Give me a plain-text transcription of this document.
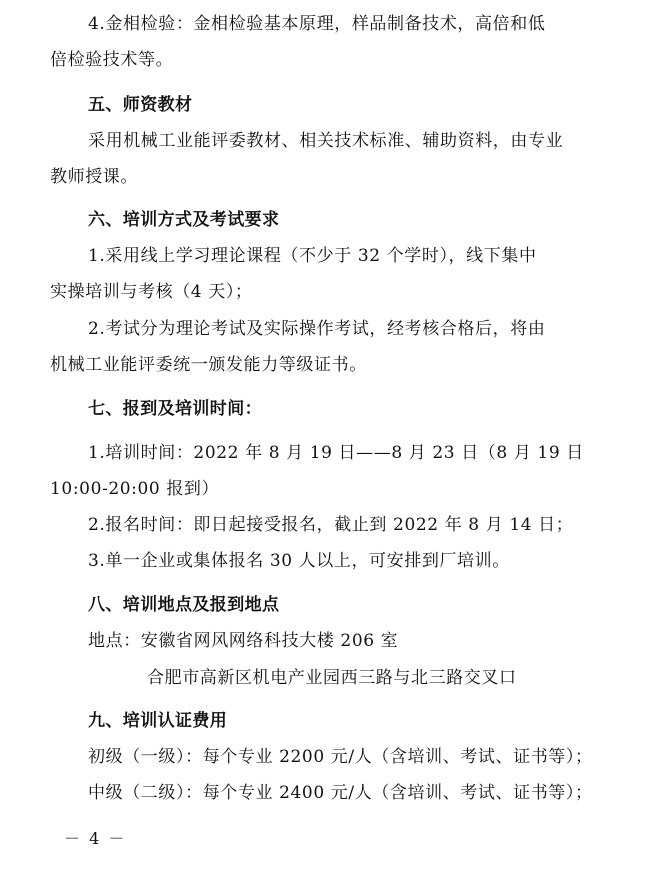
4.金相检验：金相检验基本原理，样品制备技术，高倍和低
倍检验技术等。
五、师资教材
采用机械工业能评委教材、相关技术标准、辅助资料，由专业
教师授课。
六、培训方式及考试要求
1.采用线上学习理论课程（不少于 32 个学时），线下集中
实操培训与考核（4 天）；
2.考试分为理论考试及实际操作考试，经考核合格后，将由
机械工业能评委统一颁发能力等级证书。
七、报到及培训时间：
1.培训时间：2022 年 8 月 19 日——8 月 23 日（8 月 19 日
10:00-20:00 报到）
2.报名时间：即日起接受报名，截止到 2022 年 8 月 14 日；
3.单一企业或集体报名 30 人以上，可安排到厂培训。
八、培训地点及报到地点
地点：安徽省网风网络科技大楼 206 室
合肥市高新区机电产业园西三路与北三路交叉口
九、培训认证费用
初级（一级）：每个专业 2200 元/人（含培训、考试、证书等）；
中级（二级）：每个专业 2400 元/人（含培训、考试、证书等）；
－ 4 －
